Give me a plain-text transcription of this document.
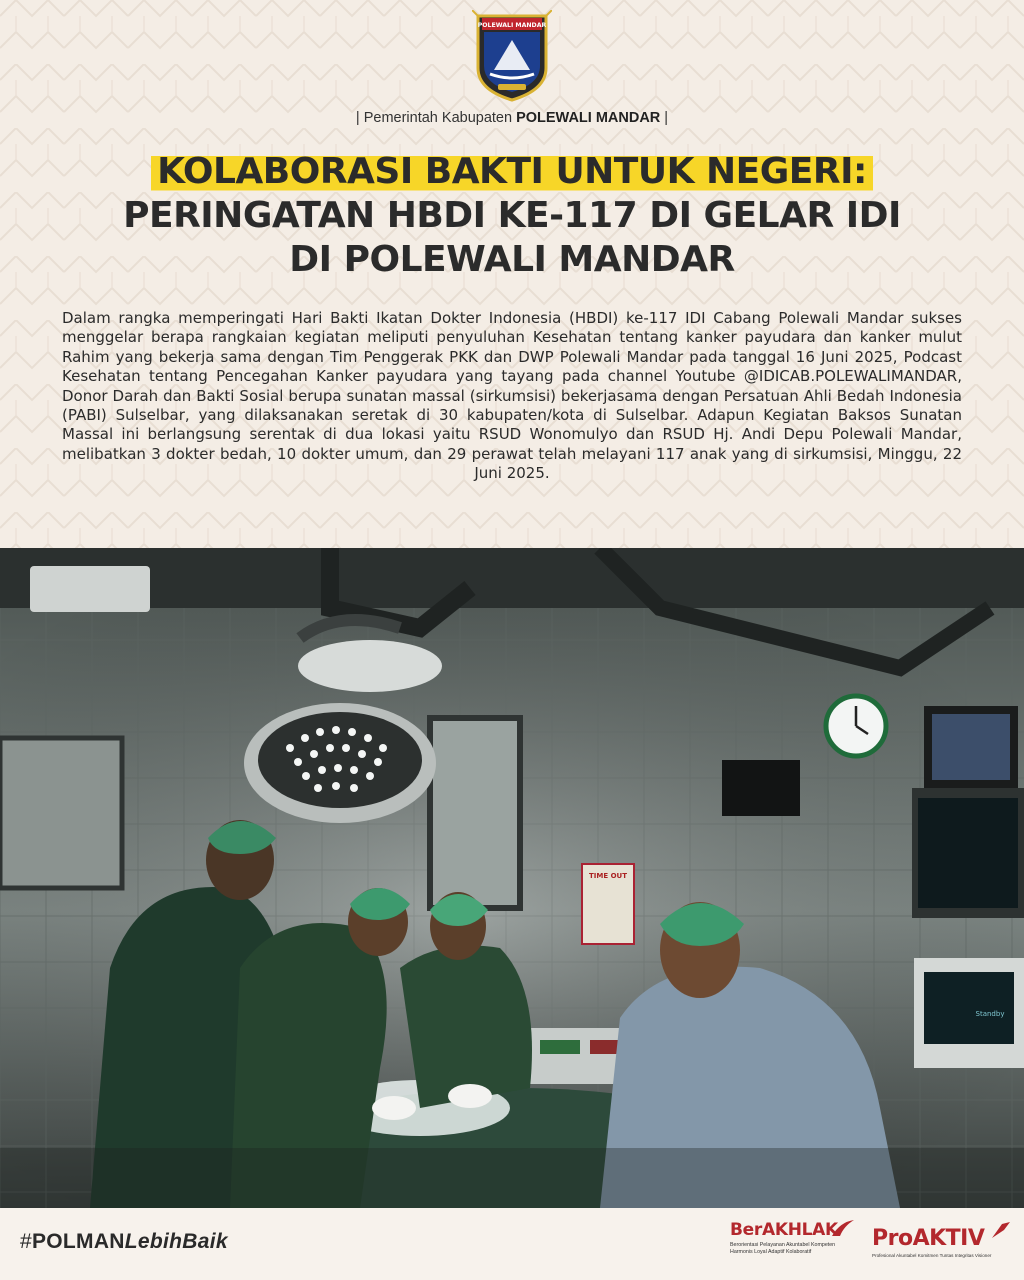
POLEWALI MANDAR
| Pemerintah Kabupaten POLEWALI MANDAR |
KOLABORASI BAKTI UNTUK NEGERI:
PERINGATAN HBDI KE-117 DI GELAR IDI
DI POLEWALI MANDAR

Dalam rangka memperingati Hari Bakti Ikatan Dokter Indonesia (HBDI) ke-117 IDI Cabang Polewali Mandar sukses menggelar berapa rangkaian kegiatan meliputi penyuluhan Kesehatan tentang kanker payudara dan kanker mulut Rahim yang bekerja sama dengan Tim Penggerak PKK dan DWP Polewali Mandar pada tanggal 16 Juni 2025, Podcast Kesehatan tentang Pencegahan Kanker payudara yang tayang pada channel Youtube @IDICAB.POLEWALIMANDAR, Donor Darah dan Bakti Sosial berupa sunatan massal (sirkumsisi) bekerjasama dengan Persatuan Ahli Bedah Indonesia (PABI) Sulselbar, yang dilaksanakan seretak di 30 kabupaten/kota di Sulselbar. Adapun Kegiatan Baksos Sunatan Massal ini berlangsung serentak di dua lokasi yaitu RSUD Wonomulyo dan RSUD Hj. Andi Depu Polewali Mandar, melibatkan 3 dokter bedah, 10 dokter umum, dan 29 perawat telah melayani 117 anak yang di sirkumsisi, Minggu, 22 Juni 2025.

TIME OUT
Standby
#POLMANLebihBaik	BerAKHLAK
Berorientasi Pelayanan Akuntabel Kompeten Harmonis Loyal Adaptif Kolaboratif
ProAKTIV
Profesional Akuntabel Komitmen Tuntas Integritas Visioner
